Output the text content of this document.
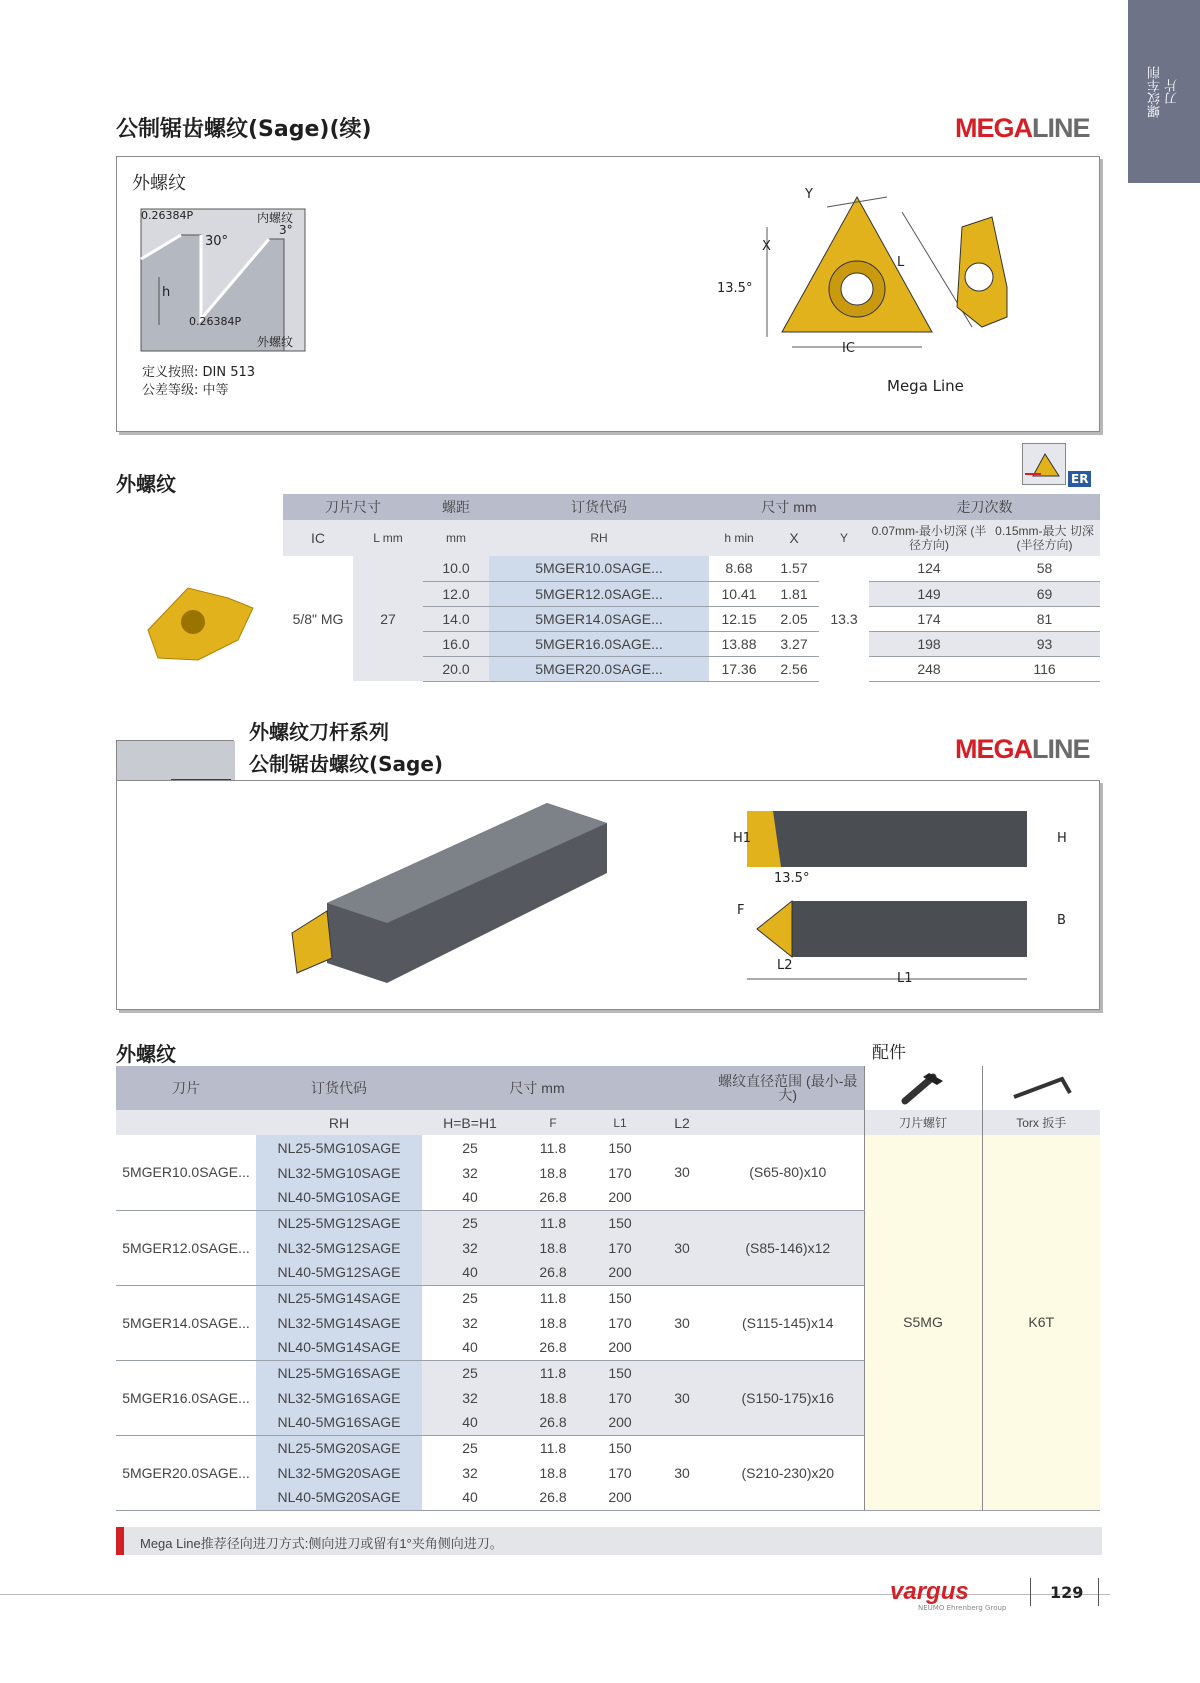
螺纹车削 刀片
公制锯齿螺纹(Sage)(续)	MEGALINE
外螺纹
0.26384P
30°
内螺纹
3°
h
0.26384P
外螺纹
定义按照: DIN 513
公差等级: 中等
Y
X
L
13.5°
IC
Mega Line
外螺纹	ER
刀片尺寸		螺距	订货代码	尺寸 mm			走刀次数	
IC	L mm	mm	RH	h min	X	Y	0.07mm-最小切深 (半径方向)	0.15mm-最大 切深 (半径方向)
5/8" MG	27	10.0	5MGER10.0SAGE...	8.68	1.57	13.3	124	58
		12.0	5MGER12.0SAGE...	10.41	1.81		149	69
		14.0	5MGER14.0SAGE...	12.15	2.05		174	81
		16.0	5MGER16.0SAGE...	13.88	3.27		198	93
		20.0	5MGER20.0SAGE...	17.36	2.56		248	116
外螺纹刀杆系列
公制锯齿螺纹(Sage)	MEGALINE
H1	H
13.5°
F
B
L2
L1
外螺纹	配件
刀片	订货代码	尺寸 mm				螺纹直径范围 (最小-最大)		
	RH	H=B=H1	F	L1	L2		刀片螺钉	Torx 扳手
5MGER10.0SAGE...	NL25-5MG10SAGE	25	11.8	150	30	(S65-80)x10	S5MG	K6T
	NL32-5MG10SAGE	32	18.8	170				
	NL40-5MG10SAGE	40	26.8	200				
5MGER12.0SAGE...	NL25-5MG12SAGE	25	11.8	150	30	(S85-146)x12		
	NL32-5MG12SAGE	32	18.8	170				
	NL40-5MG12SAGE	40	26.8	200				
5MGER14.0SAGE...	NL25-5MG14SAGE	25	11.8	150	30	(S115-145)x14		
	NL32-5MG14SAGE	32	18.8	170				
	NL40-5MG14SAGE	40	26.8	200				
5MGER16.0SAGE...	NL25-5MG16SAGE	25	11.8	150	30	(S150-175)x16		
	NL32-5MG16SAGE	32	18.8	170				
	NL40-5MG16SAGE	40	26.8	200				
5MGER20.0SAGE...	NL25-5MG20SAGE	25	11.8	150	30	(S210-230)x20		
	NL32-5MG20SAGE	32	18.8	170				
	NL40-5MG20SAGE	40	26.8	200				
Mega Line推荐径向进刀方式:侧向进刀或留有1°夹角侧向进刀。
vargus
NEUMO Ehrenberg Group
129
